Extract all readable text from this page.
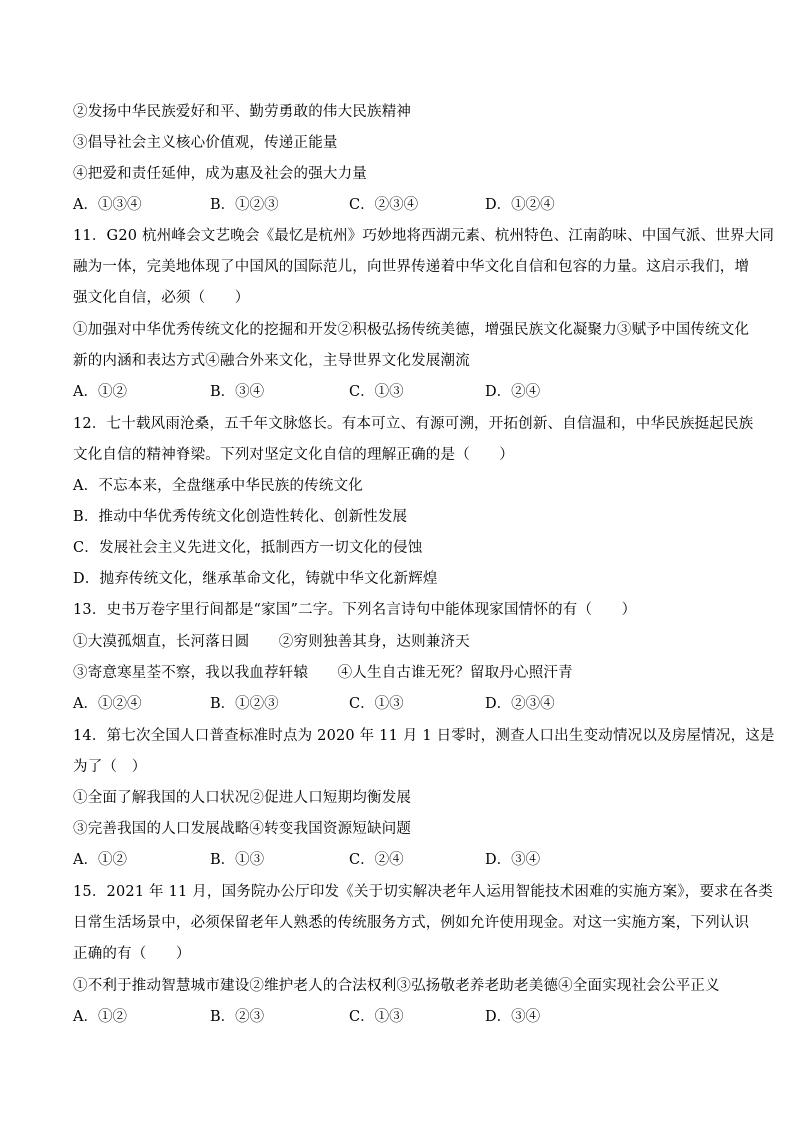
②发扬中华民族爱好和平、勤劳勇敢的伟大民族精神
③倡导社会主义核心价值观，传递正能量
④把爱和责任延伸，成为惠及社会的强大力量
A．①③④	B．①②③	C．②③④	D．①②④
11．G20 杭州峰会文艺晚会《最忆是杭州》巧妙地将西湖元素、杭州特色、江南韵味、中国气派、世界大同
融为一体，完美地体现了中国风的国际范儿，向世界传递着中华文化自信和包容的力量。这启示我们，增
强文化自信，必须（　　）
①加强对中华优秀传统文化的挖掘和开发②积极弘扬传统美德，增强民族文化凝聚力③赋予中国传统文化
新的内涵和表达方式④融合外来文化，主导世界文化发展潮流
A．①②	B．③④	C．①③	D．②④
12．七十载风雨沧桑，五千年文脉悠长。有本可立、有源可溯，开拓创新、自信温和，中华民族挺起民族
文化自信的精神脊梁。下列对坚定文化自信的理解正确的是（　　）
A．不忘本来，全盘继承中华民族的传统文化
B．推动中华优秀传统文化创造性转化、创新性发展
C．发展社会主义先进文化，抵制西方一切文化的侵蚀
D．抛弃传统文化，继承革命文化，铸就中华文化新辉煌
13．史书万卷字里行间都是“家国”二字。下列名言诗句中能体现家国情怀的有（　　）
①大漠孤烟直，长河落日圆　　②穷则独善其身，达则兼济天
③寄意寒星荃不察，我以我血荐轩辕　　④人生自古谁无死？留取丹心照汗青
A．①②④	B．①②③	C．①③	D．②③④
14．第七次全国人口普查标准时点为 2020 年 11 月 1 日零时，测查人口出生变动情况以及房屋情况，这是
为了（　）
①全面了解我国的人口状况②促进人口短期均衡发展
③完善我国的人口发展战略④转变我国资源短缺问题
A．①②	B．①③	C．②④	D．③④
15．2021 年 11 月，国务院办公厅印发《关于切实解决老年人运用智能技术困难的实施方案》，要求在各类
日常生活场景中，必须保留老年人熟悉的传统服务方式，例如允许使用现金。对这一实施方案，下列认识
正确的有（　　）
①不利于推动智慧城市建设②维护老人的合法权利③弘扬敬老养老助老美德④全面实现社会公平正义
A．①②	B．②③	C．①③	D．③④
